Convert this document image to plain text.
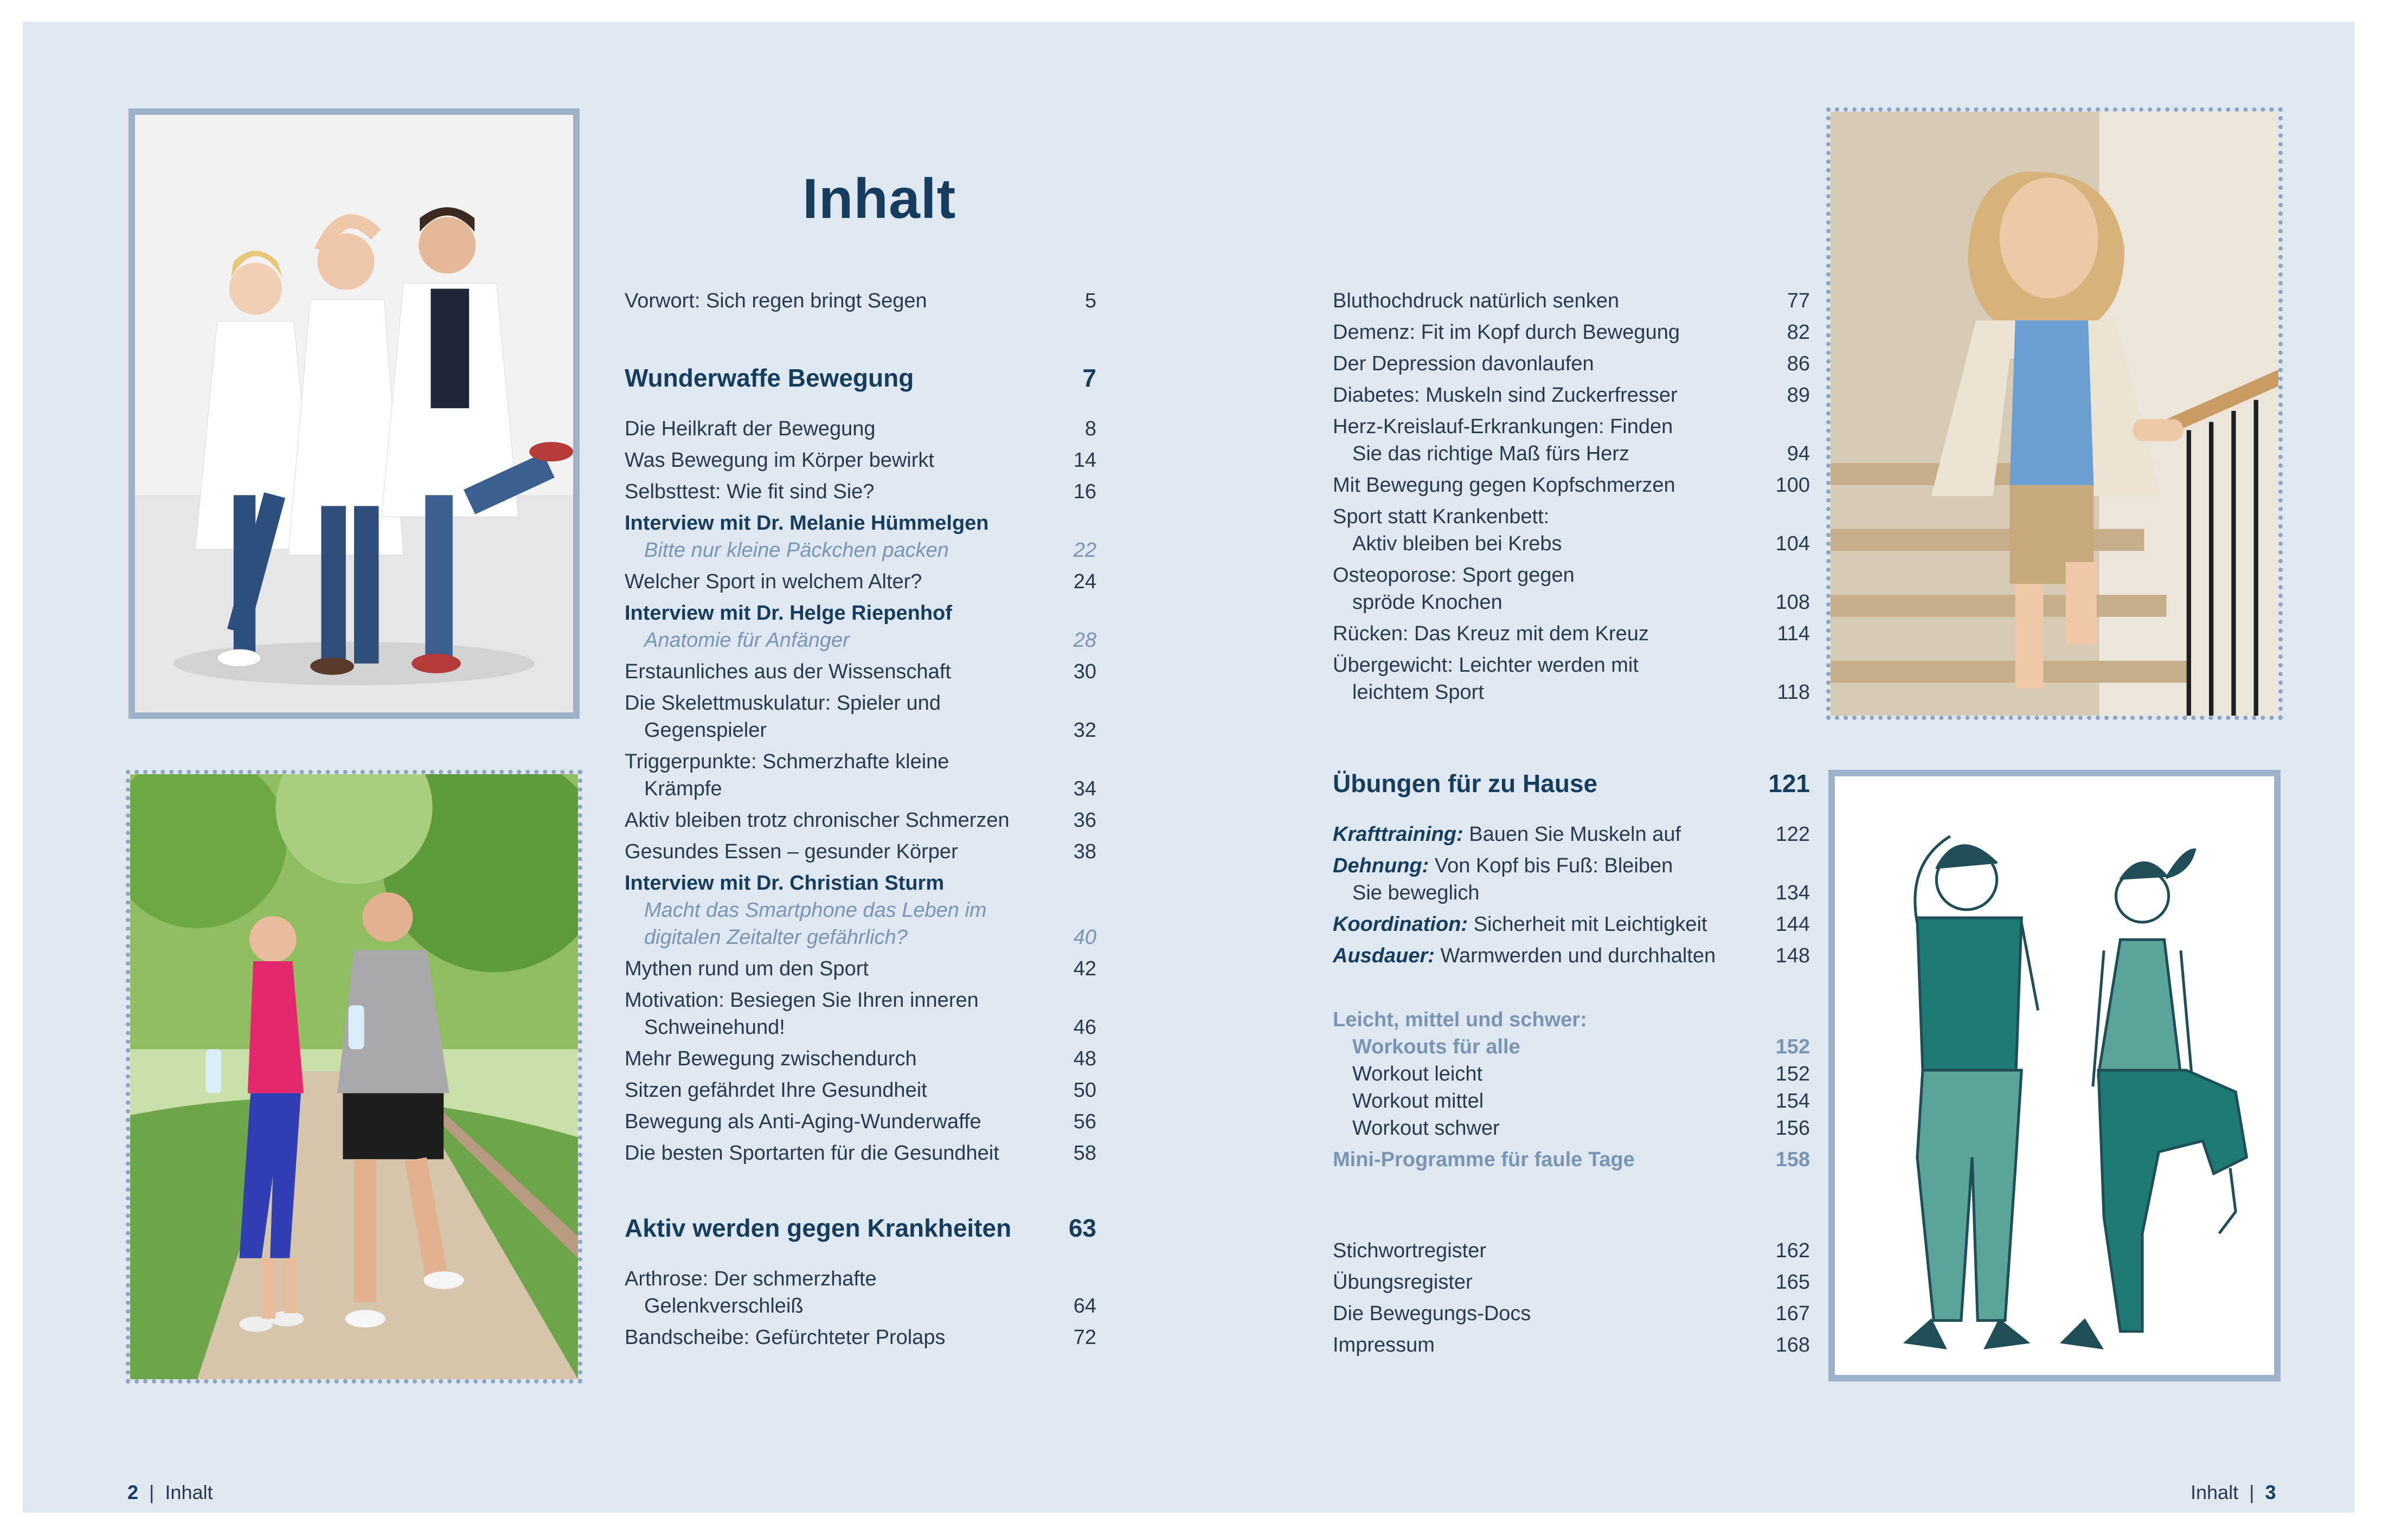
Inhalt
Vorwort: Sich regen bringt Segen	5
Wunderwaffe Bewegung	7
Die Heilkraft der Bewegung	8
Was Bewegung im Körper bewirkt	14
Selbsttest: Wie fit sind Sie?	16
Interview mit Dr. Melanie Hümmelgen
Bitte nur kleine Päckchen packen	22
Welcher Sport in welchem Alter?	24
Interview mit Dr. Helge Riepenhof
Anatomie für Anfänger	28
Erstaunliches aus der Wissenschaft	30
Die Skelettmuskulatur: Spieler und
Gegenspieler	32
Triggerpunkte: Schmerzhafte kleine
Krämpfe	34
Aktiv bleiben trotz chronischer Schmerzen	36
Gesundes Essen – gesunder Körper	38
Interview mit Dr. Christian Sturm
Macht das Smartphone das Leben im
digitalen Zeitalter gefährlich?	40
Mythen rund um den Sport	42
Motivation: Besiegen Sie Ihren inneren
Schweinehund!	46
Mehr Bewegung zwischendurch	48
Sitzen gefährdet Ihre Gesundheit	50
Bewegung als Anti-Aging-Wunderwaffe	56
Die besten Sportarten für die Gesundheit	58
Aktiv werden gegen Krankheiten	63
Arthrose: Der schmerzhafte
Gelenkverschleiß	64
Bandscheibe: Gefürchteter Prolaps	72
Bluthochdruck natürlich senken	77
Demenz: Fit im Kopf durch Bewegung	82
Der Depression davonlaufen	86
Diabetes: Muskeln sind Zuckerfresser	89
Herz-Kreislauf-Erkrankungen: Finden
Sie das richtige Maß fürs Herz	94
Mit Bewegung gegen Kopfschmerzen	100
Sport statt Krankenbett:
Aktiv bleiben bei Krebs	104
Osteoporose: Sport gegen
spröde Knochen	108
Rücken: Das Kreuz mit dem Kreuz	114
Übergewicht: Leichter werden mit
leichtem Sport	118
Übungen für zu Hause	121
Krafttraining: Bauen Sie Muskeln auf	122
Dehnung: Von Kopf bis Fuß: Bleiben
Sie beweglich	134
Koordination: Sicherheit mit Leichtigkeit	144
Ausdauer: Warmwerden und durchhalten	148
Leicht, mittel und schwer:
Workouts für alle	152
Workout leicht	152
Workout mittel	154
Workout schwer	156
Mini-Programme für faule Tage	158
Stichwortregister	162
Übungsregister	165
Die Bewegungs-Docs	167
Impressum	168
2 | Inhalt	Inhalt | 3
